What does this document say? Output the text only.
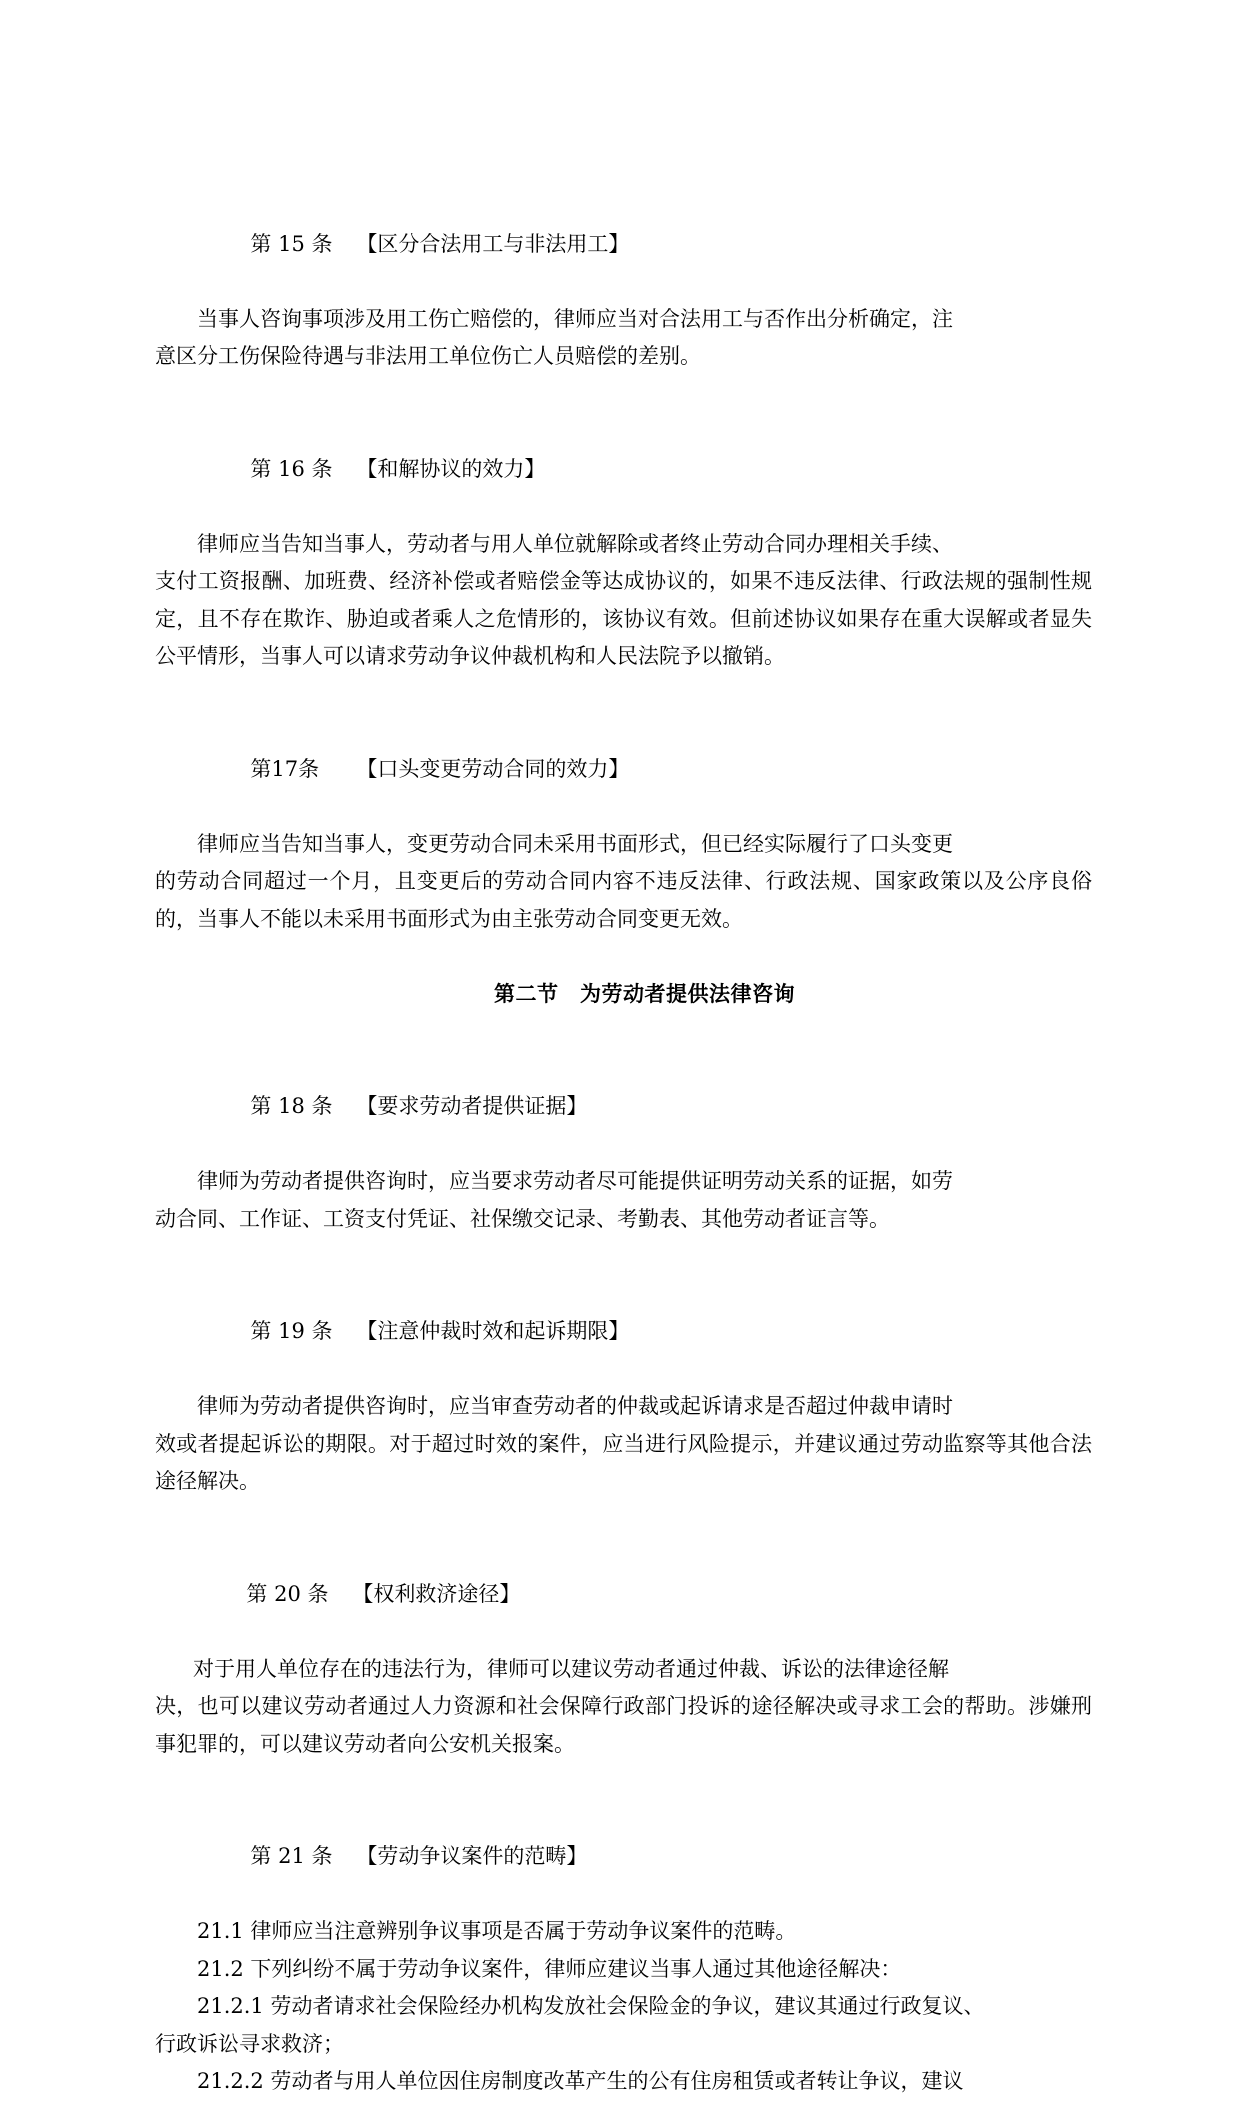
第 15 条 【区分合法用工与非法用工】

当事人咨询事项涉及用工伤亡赔偿的，律师应当对合法用工与否作出分析确定，注
意区分工伤保险待遇与非法用工单位伤亡人员赔偿的差别。

第 16 条 【和解协议的效力】

律师应当告知当事人，劳动者与用人单位就解除或者终止劳动合同办理相关手续、
支付工资报酬、加班费、经济补偿或者赔偿金等达成协议的，如果不违反法律、行政法规的强制性规定，且不存在欺诈、胁迫或者乘人之危情形的，该协议有效。但前述协议如果存在重大误解或者显失公平情形，当事人可以请求劳动争议仲裁机构和人民法院予以撤销。

第17条 【口头变更劳动合同的效力】

律师应当告知当事人，变更劳动合同未采用书面形式，但已经实际履行了口头变更
的劳动合同超过一个月，且变更后的劳动合同内容不违反法律、行政法规、国家政策以及公序良俗的，当事人不能以未采用书面形式为由主张劳动合同变更无效。
第二节　为劳动者提供法律咨询

第 18 条 【要求劳动者提供证据】

律师为劳动者提供咨询时，应当要求劳动者尽可能提供证明劳动关系的证据，如劳
动合同、工作证、工资支付凭证、社保缴交记录、考勤表、其他劳动者证言等。

第 19 条 【注意仲裁时效和起诉期限】

律师为劳动者提供咨询时，应当审查劳动者的仲裁或起诉请求是否超过仲裁申请时
效或者提起诉讼的期限。对于超过时效的案件，应当进行风险提示，并建议通过劳动监察等其他合法途径解决。

第 20 条 【权利救济途径】

对于用人单位存在的违法行为，律师可以建议劳动者通过仲裁、诉讼的法律途径解
决，也可以建议劳动者通过人力资源和社会保障行政部门投诉的途径解决或寻求工会的帮助。涉嫌刑事犯罪的，可以建议劳动者向公安机关报案。

第 21 条 【劳动争议案件的范畴】

21.1 律师应当注意辨别争议事项是否属于劳动争议案件的范畴。
21.2 下列纠纷不属于劳动争议案件，律师应建议当事人通过其他途径解决：
21.2.1 劳动者请求社会保险经办机构发放社会保险金的争议，建议其通过行政复议、
行政诉讼寻求救济；
21.2.2 劳动者与用人单位因住房制度改革产生的公有住房租赁或者转让争议，建议
